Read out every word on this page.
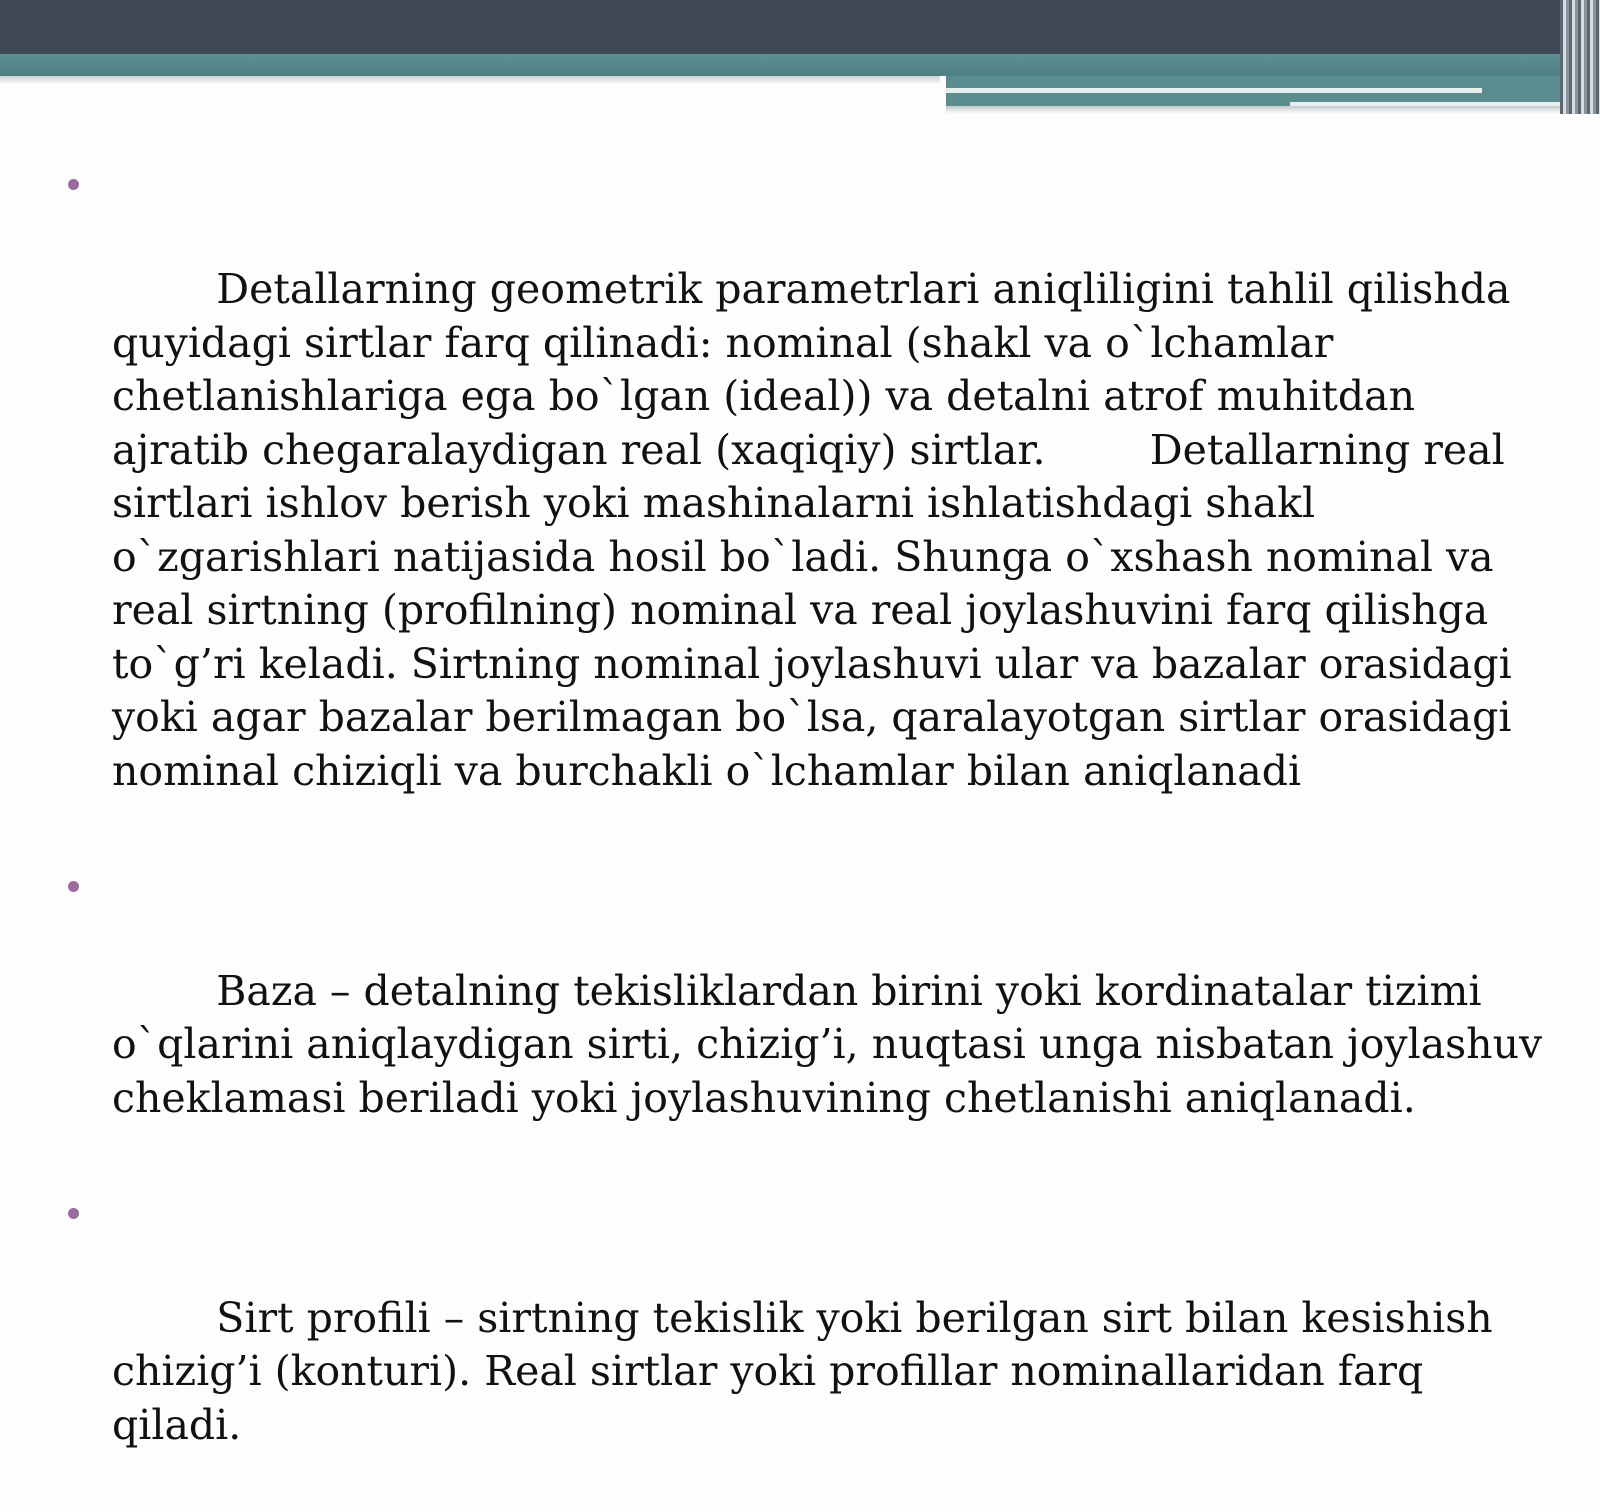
Detallarning geometrik parametrlari aniqliligini tahlil qilishda quyidagi sirtlar farq qilinadi: nominal (shakl va o`lchamlar chetlanishlariga ega bo`lgan (ideal)) va detalni atrof muhitdan ajratib chegaralaydigan real (xaqiqiy) sirtlar.        Detallarning real sirtlari ishlov berish yoki mashinalarni ishlatishdagi shakl o`zgarishlari natijasida hosil bo`ladi. Shunga o`xshash nominal va real sirtning (profilning) nominal va real joylashuvini farq qilishga to`g’ri keladi. Sirtning nominal joylashuvi ular va bazalar orasidagi yoki agar bazalar berilmagan bo`lsa, qaralayotgan sirtlar orasidagi nominal chiziqli va burchakli o`lchamlar bilan aniqlanadi

Baza – detalning tekisliklardan birini yoki kordinatalar tizimi o`qlarini aniqlaydigan sirti, chizig’i, nuqtasi unga nisbatan joylashuv cheklamasi beriladi yoki joylashuvining chetlanishi aniqlanadi.

Sirt profili – sirtning tekislik yoki berilgan sirt bilan kesishish chizig’i (konturi). Real sirtlar yoki profillar nominallaridan farq qiladi.
